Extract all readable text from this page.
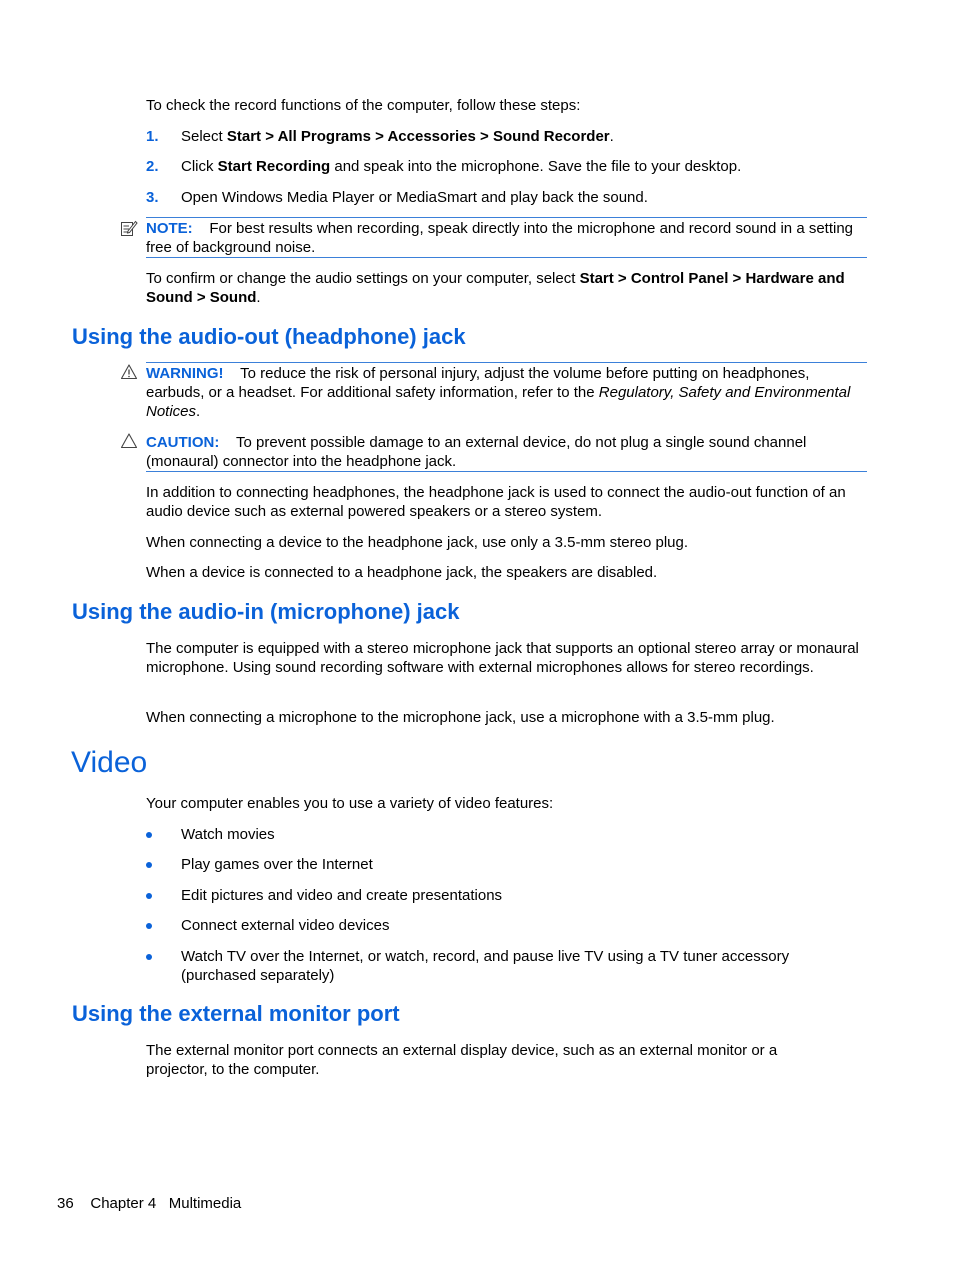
To check the record functions of the computer, follow these steps:
1. Select Start > All Programs > Accessories > Sound Recorder.
2. Click Start Recording and speak into the microphone. Save the file to your desktop.
3. Open Windows Media Player or MediaSmart and play back the sound.
NOTE: For best results when recording, speak directly into the microphone and record sound in a setting free of background noise.
To confirm or change the audio settings on your computer, select Start > Control Panel > Hardware and Sound > Sound.
Using the audio-out (headphone) jack
WARNING! To reduce the risk of personal injury, adjust the volume before putting on headphones, earbuds, or a headset. For additional safety information, refer to the Regulatory, Safety and Environmental Notices.
CAUTION: To prevent possible damage to an external device, do not plug a single sound channel (monaural) connector into the headphone jack.
In addition to connecting headphones, the headphone jack is used to connect the audio-out function of an audio device such as external powered speakers or a stereo system.
When connecting a device to the headphone jack, use only a 3.5-mm stereo plug.
When a device is connected to a headphone jack, the speakers are disabled.
Using the audio-in (microphone) jack
The computer is equipped with a stereo microphone jack that supports an optional stereo array or monaural microphone. Using sound recording software with external microphones allows for stereo recordings.
When connecting a microphone to the microphone jack, use a microphone with a 3.5-mm plug.
Video
Your computer enables you to use a variety of video features:
Watch movies
Play games over the Internet
Edit pictures and video and create presentations
Connect external video devices
Watch TV over the Internet, or watch, record, and pause live TV using a TV tuner accessory (purchased separately)
Using the external monitor port
The external monitor port connects an external display device, such as an external monitor or a projector, to the computer.
36 Chapter 4 Multimedia
